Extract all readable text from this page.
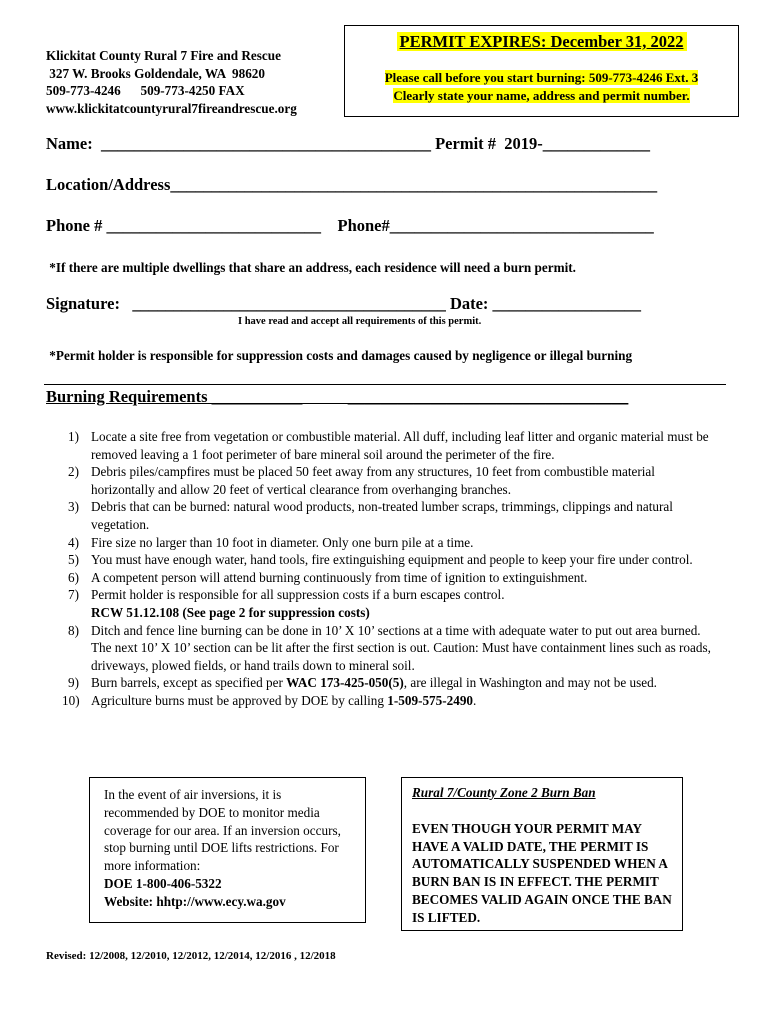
Klickitat County Rural 7 Fire and Rescue
327 W. Brooks Goldendale, WA  98620
509-773-4246      509-773-4250 FAX
www.klickitatcountyrural7fireandrescue.org
PERMIT EXPIRES: December 31, 2022
Please call before you start burning: 509-773-4246 Ext. 3
Clearly state your name, address and permit number.
Name:  ________________________________________ Permit #  2019-_____________
Location/Address___________________________________________________________
Phone # __________________________    Phone#________________________________
*If there are multiple dwellings that share an address, each residence will need a burn permit.
Signature:   ______________________________________ Date: __________________
I have read and accept all requirements of this permit.
*Permit holder is responsible for suppression costs and damages caused by negligence or illegal burning
Burning Requirements ___________           __________________________________
1) Locate a site free from vegetation or combustible material. All duff, including leaf litter and organic material must be removed leaving a 1 foot perimeter of bare mineral soil around the perimeter of the fire.
2) Debris piles/campfires must be placed 50 feet away from any structures, 10 feet from combustible material horizontally and allow 20 feet of vertical clearance from overhanging branches.
3) Debris that can be burned: natural wood products, non-treated lumber scraps, trimmings, clippings and natural vegetation.
4) Fire size no larger than 10 foot in diameter. Only one burn pile at a time.
5) You must have enough water, hand tools, fire extinguishing equipment and people to keep your fire under control.
6) A competent person will attend burning continuously from time of ignition to extinguishment.
7) Permit holder is responsible for all suppression costs if a burn escapes control.
RCW 51.12.108 (See page 2 for suppression costs)
8) Ditch and fence line burning can be done in 10’ X 10’ sections at a time with adequate water to put out area burned. The next 10’ X 10’ section can be lit after the first section is out. Caution: Must have containment lines such as roads, driveways, plowed fields, or hand trails down to mineral soil.
9) Burn barrels, except as specified per WAC 173-425-050(5), are illegal in Washington and may not be used.
10) Agriculture burns must be approved by DOE by calling 1-509-575-2490.
In the event of air inversions, it is recommended by DOE to monitor media coverage for our area. If an inversion occurs, stop burning until DOE lifts restrictions. For more information:
DOE 1-800-406-5322
Website: hhtp://www.ecy.wa.gov
Rural 7/County Zone 2 Burn Ban
EVEN THOUGH YOUR PERMIT MAY HAVE A VALID DATE, THE PERMIT IS AUTOMATICALLY SUSPENDED WHEN A BURN BAN IS IN EFFECT. THE PERMIT BECOMES VALID AGAIN ONCE THE BAN IS LIFTED.
Revised: 12/2008, 12/2010, 12/2012, 12/2014, 12/2016 , 12/2018
